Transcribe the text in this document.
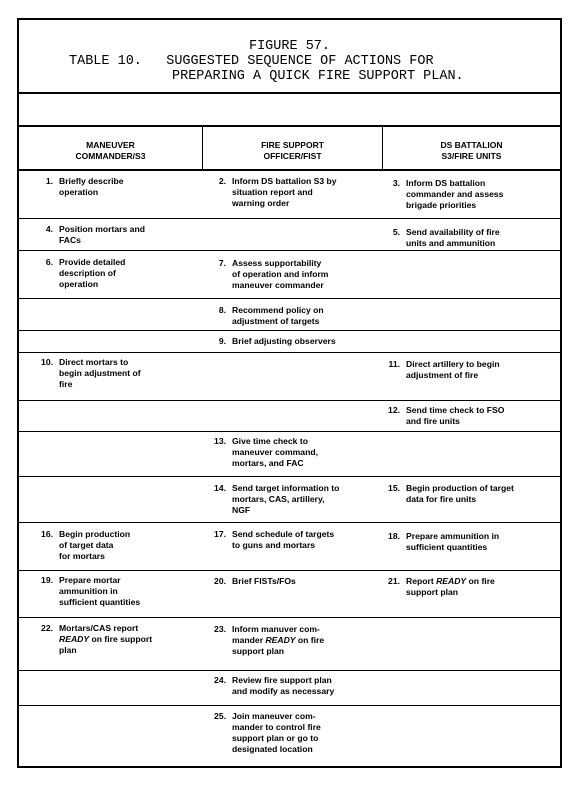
FIGURE 57.

TABLE 10.   SUGGESTED SEQUENCE OF ACTIONS FOR

PREPARING A QUICK FIRE SUPPORT PLAN.

MANEUVER
COMMANDER/S3
FIRE SUPPORT
OFFICER/FIST
DS BATTALION
S3/FIRE UNITS
1. Briefly describe
operation
2. Inform DS battalion S3 by
situation report and
warning order
3. Inform DS battalion
commander and assess
brigade priorities
4. Position mortars and
FACs
5. Send availability of fire
units and ammunition
6. Provide detailed
description of
operation
7. Assess supportability
of operation and inform
maneuver commander
8. Recommend policy on
adjustment of targets
9. Brief adjusting observers
10. Direct mortars to
begin adjustment of
fire
11. Direct artillery to begin
adjustment of fire
12. Send time check to FSO
and fire units
13. Give time check to
maneuver command,
mortars, and FAC
14. Send target information to
mortars, CAS, artillery,
NGF
15. Begin production of target
data for fire units
16. Begin production
of target data
for mortars
17. Send schedule of targets
to guns and mortars
18. Prepare ammunition in
sufficient quantities
19. Prepare mortar
ammunition in
sufficient quantities
20. Brief FISTs/FOs	21. Report READY on fire
support plan
22. Mortars/CAS report
READY on fire support
plan
23. Inform manuver com-
mander READY on fire
support plan
24. Review fire support plan
and modify as necessary
25. Join maneuver com-
mander to control fire
support plan or go to
designated location
